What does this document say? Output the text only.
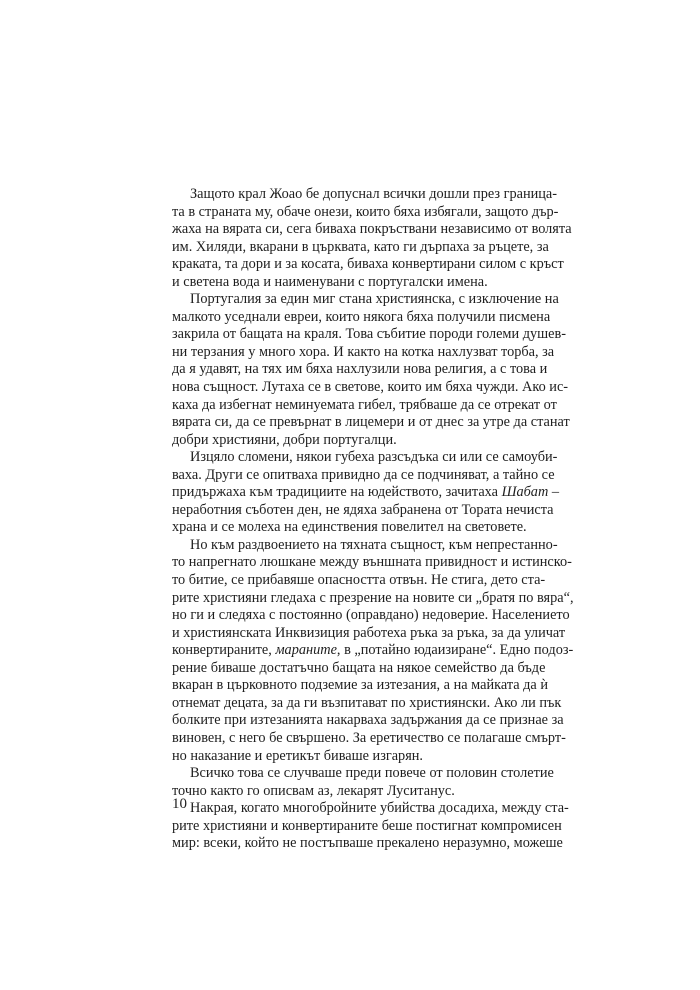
Защото крал Жоао бе допуснал всички дошли през граница-
та в страната му, обаче онези, които бяха избягали, защото дър-
жаха на вярата си, сега биваха покръствани независимо от волята
им. Хиляди, вкарани в църквата, като ги дърпаха за ръцете, за
краката, та дори и за косата, биваха конвертирани силом с кръст
и светена вода и наименувани с португалски имена.

Португалия за един миг стана християнска, с изключение на
малкото уседнали евреи, които някога бяха получили писмена
закрила от бащата на краля. Това събитие породи големи душев-
ни терзания у много хора. И както на котка нахлузват торба, за
да я удавят, на тях им бяха нахлузили нова религия, а с това и
нова същност. Лутаха се в светове, които им бяха чужди. Ако ис-
каха да избегнат неминуемата гибел, трябваше да се отрекат от
вярата си, да се превърнат в лицемери и от днес за утре да станат
добри християни, добри португалци.

Изцяло сломени, някои губеха разсъдъка си или се самоуби-
ваха. Други се опитваха привидно да се подчиняват, а тайно се
придържаха към традициите на юдейството, зачитаха Шабат –
неработния съботен ден, не ядяха забранена от Тората нечиста
храна и се молеха на единствения повелител на световете.

Но към раздвоението на тяхната същност, към непрестанно-
то напрегнато люшкане между външната привидност и истинско-
то битие, се прибавяше опасността отвън. Не стига, дето ста-
рите християни гледаха с презрение на новите си „братя по вяра“,
но ги и следяха с постоянно (оправдано) недоверие. Населението
и християнската Инквизиция работеха ръка за ръка, за да уличат
конвертираните, мараните, в „потайно юдаизиране“. Едно подоз-
рение биваше достатъчно бащата на някое семейство да бъде
вкаран в църковното подземие за изтезания, а на майката да ѝ
отнемат децата, за да ги възпитават по християнски. Ако ли пък
болките при изтезанията накарваха задържания да се признае за
виновен, с него бе свършено. За еретичество се полагаше смърт-
но наказание и еретикът биваше изгарян.

Всичко това се случваше преди повече от половин столетие
точно както го описвам аз, лекарят Луситанус.

Накрая, когато многобройните убийства досадиха, между ста-
рите християни и конвертираните беше постигнат компромисен
мир: всеки, който не постъпваше прекалено неразумно, можеше

10
